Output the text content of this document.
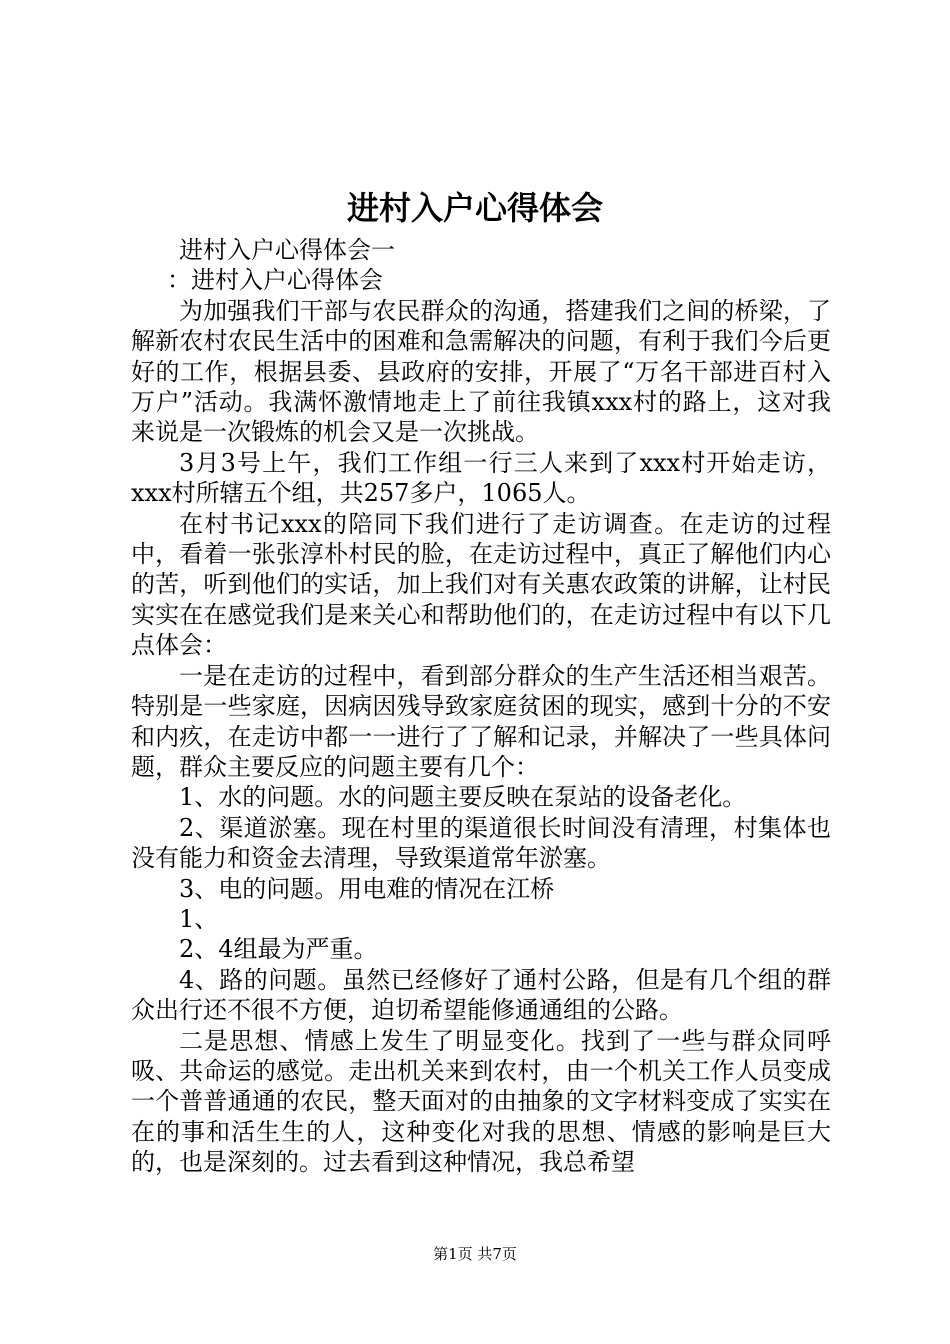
进村入户心得体会

进村入户心得体会一

：进村入户心得体会

为加强我们干部与农民群众的沟通，搭建我们之间的桥梁，了解新农村农民生活中的困难和急需解决的问题，有利于我们今后更好的工作，根据县委、县政府的安排，开展了“万名干部进百村入万户”活动。我满怀激情地走上了前往我镇xxx村的路上，这对我来说是一次锻炼的机会又是一次挑战。

3月3号上午，我们工作组一行三人来到了xxx村开始走访，xxx村所辖五个组，共257多户，1065人。

在村书记xxx的陪同下我们进行了走访调查。在走访的过程中，看着一张张淳朴村民的脸，在走访过程中，真正了解他们内心的苦，听到他们的实话，加上我们对有关惠农政策的讲解，让村民实实在在感觉我们是来关心和帮助他们的，在走访过程中有以下几点体会：

一是在走访的过程中，看到部分群众的生产生活还相当艰苦。特别是一些家庭，因病因残导致家庭贫困的现实，感到十分的不安和内疚，在走访中都一一进行了了解和记录，并解决了一些具体问题，群众主要反应的问题主要有几个：

1、水的问题。水的问题主要反映在泵站的设备老化。

2、渠道淤塞。现在村里的渠道很长时间没有清理，村集体也没有能力和资金去清理，导致渠道常年淤塞。

3、电的问题。用电难的情况在江桥

1、

2、4组最为严重。

4、路的问题。虽然已经修好了通村公路，但是有几个组的群众出行还不很不方便，迫切希望能修通通组的公路。

二是思想、情感上发生了明显变化。找到了一些与群众同呼吸、共命运的感觉。走出机关来到农村，由一个机关工作人员变成一个普普通通的农民，整天面对的由抽象的文字材料变成了实实在在的事和活生生的人，这种变化对我的思想、情感的影响是巨大的，也是深刻的。过去看到这种情况，我总希望

第1页 共7页
